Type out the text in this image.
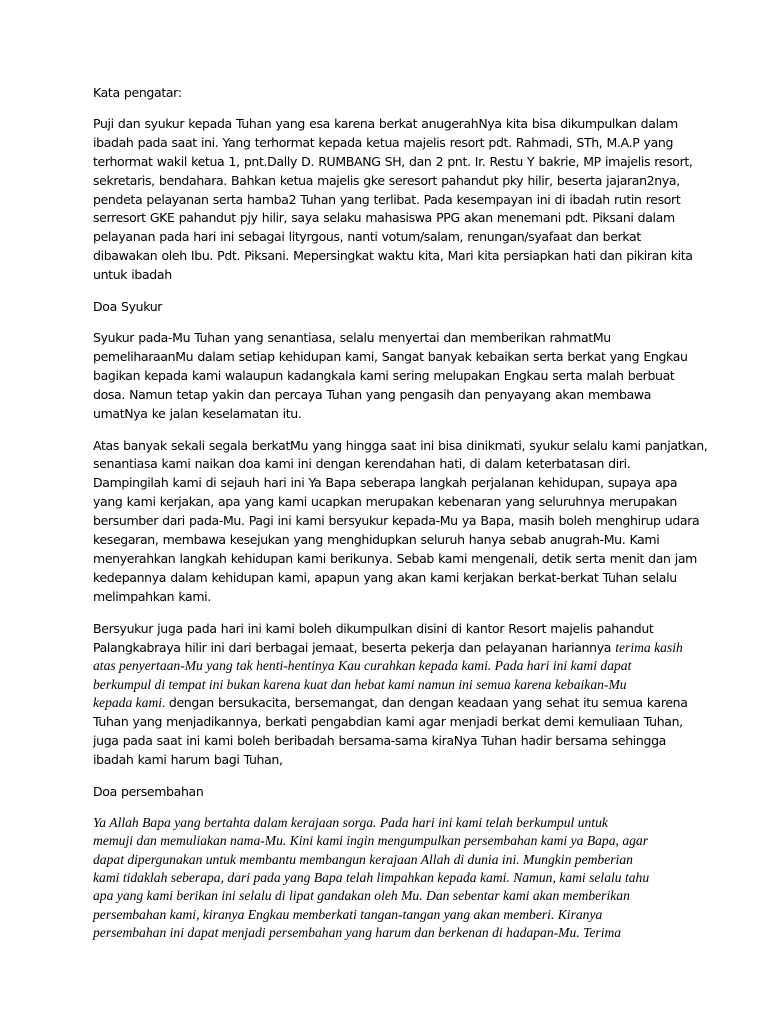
Kata pengatar:
Puji dan syukur kepada Tuhan yang esa karena berkat anugerahNya kita bisa dikumpulkan dalam
ibadah pada saat ini. Yang terhormat kepada ketua majelis resort pdt. Rahmadi, STh, M.A.P yang
terhormat wakil ketua 1, pnt.Dally D. RUMBANG SH, dan 2 pnt. Ir. Restu Y bakrie, MP imajelis resort,
sekretaris, bendahara. Bahkan ketua majelis gke seresort pahandut pky hilir, beserta jajaran2nya,
pendeta pelayanan serta hamba2 Tuhan yang terlibat. Pada kesempayan ini di ibadah rutin resort
serresort GKE pahandut pjy hilir, saya selaku mahasiswa PPG akan menemani pdt. Piksani dalam
pelayanan pada hari ini sebagai lityrgous, nanti votum/salam, renungan/syafaat dan berkat
dibawakan oleh Ibu. Pdt. Piksani. Mepersingkat waktu kita, Mari kita persiapkan hati dan pikiran kita
untuk ibadah
Doa Syukur
Syukur pada-Mu Tuhan yang senantiasa, selalu menyertai dan memberikan rahmatMu
pemeliharaanMu dalam setiap kehidupan kami, Sangat banyak kebaikan serta berkat yang Engkau
bagikan kepada kami walaupun kadangkala kami sering melupakan Engkau serta malah berbuat
dosa. Namun tetap yakin dan percaya Tuhan yang pengasih dan penyayang akan membawa
umatNya ke jalan keselamatan itu.
Atas banyak sekali segala berkatMu yang hingga saat ini bisa dinikmati, syukur selalu kami panjatkan,
senantiasa kami naikan doa kami ini dengan kerendahan hati, di dalam keterbatasan diri.
Dampingilah kami di sejauh hari ini Ya Bapa seberapa langkah perjalanan kehidupan, supaya apa
yang kami kerjakan, apa yang kami ucapkan merupakan kebenaran yang seluruhnya merupakan
bersumber dari pada-Mu. Pagi ini kami bersyukur kepada-Mu ya Bapa, masih boleh menghirup udara
kesegaran, membawa kesejukan yang menghidupkan seluruh hanya sebab anugrah-Mu. Kami
menyerahkan langkah kehidupan kami berikunya. Sebab kami mengenali, detik serta menit dan jam
kedepannya dalam kehidupan kami, apapun yang akan kami kerjakan berkat-berkat Tuhan selalu
melimpahkan kami.
Bersyukur juga pada hari ini kami boleh dikumpulkan disini di kantor Resort majelis pahandut
Palangkabraya hilir ini dari berbagai jemaat, beserta pekerja dan pelayanan hariannya terima kasih
atas penyertaan-Mu yang tak henti-hentinya Kau curahkan kepada kami. Pada hari ini kami dapat
berkumpul di tempat ini bukan karena kuat dan hebat kami namun ini semua karena kebaikan-Mu
kepada kami. dengan bersukacita, bersemangat, dan dengan keadaan yang sehat itu semua karena
Tuhan yang menjadikannya, berkati pengabdian kami agar menjadi berkat demi kemuliaan Tuhan,
juga pada saat ini kami boleh beribadah bersama-sama kiraNya Tuhan hadir bersama sehingga
ibadah kami harum bagi Tuhan,
Doa persembahan
Ya Allah Bapa yang bertahta dalam kerajaan sorga. Pada hari ini kami telah berkumpul untuk
memuji dan memuliakan nama-Mu. Kini kami ingin mengumpulkan persembahan kami ya Bapa, agar
dapat dipergunakan untuk membantu membangun kerajaan Allah di dunia ini. Mungkin pemberian
kami tidaklah seberapa, dari pada yang Bapa telah limpahkan kepada kami. Namun, kami selalu tahu
apa yang kami berikan ini selalu di lipat gandakan oleh Mu. Dan sebentar kami akan memberikan
persembahan kami, kiranya Engkau memberkati tangan-tangan yang akan memberi. Kiranya
persembahan ini dapat menjadi persembahan yang harum dan berkenan di hadapan-Mu. Terima
